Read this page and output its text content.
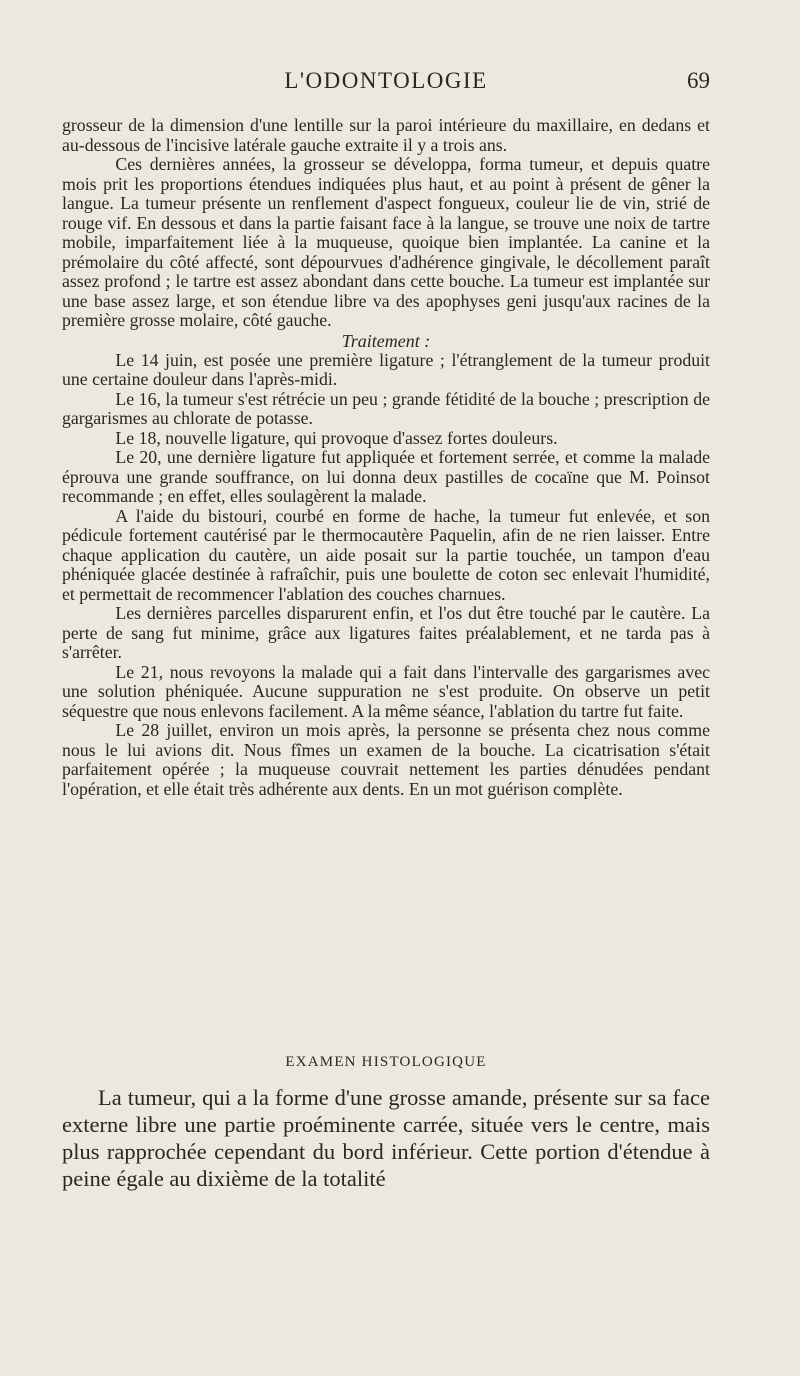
L'ODONTOLOGIE	69

grosseur de la dimension d'une lentille sur la paroi intérieure du maxillaire, en dedans et au-dessous de l'incisive latérale gauche extraite il y a trois ans.

Ces dernières années, la grosseur se développa, forma tumeur, et depuis quatre mois prit les proportions étendues indiquées plus haut, et au point à présent de gêner la langue. La tumeur présente un renflement d'aspect fongueux, couleur lie de vin, strié de rouge vif. En dessous et dans la partie faisant face à la langue, se trouve une noix de tartre mobile, imparfaitement liée à la muqueuse, quoique bien implantée. La canine et la prémolaire du côté affecté, sont dépourvues d'adhérence gingivale, le décollement paraît assez profond ; le tartre est assez abondant dans cette bouche. La tumeur est implantée sur une base assez large, et son étendue libre va des apophyses geni jusqu'aux racines de la première grosse molaire, côté gauche.

Traitement :

Le 14 juin, est posée une première ligature ; l'étranglement de la tumeur produit une certaine douleur dans l'après-midi.

Le 16, la tumeur s'est rétrécie un peu ; grande fétidité de la bouche ; prescription de gargarismes au chlorate de potasse.

Le 18, nouvelle ligature, qui provoque d'assez fortes douleurs.

Le 20, une dernière ligature fut appliquée et fortement serrée, et comme la malade éprouva une grande souffrance, on lui donna deux pastilles de cocaïne que M. Poinsot recommande ; en effet, elles soulagèrent la malade.

A l'aide du bistouri, courbé en forme de hache, la tumeur fut enlevée, et son pédicule fortement cautérisé par le thermocautère Paquelin, afin de ne rien laisser. Entre chaque application du cautère, un aide posait sur la partie touchée, un tampon d'eau phéniquée glacée destinée à rafraîchir, puis une boulette de coton sec enlevait l'humidité, et permettait de recommencer l'ablation des couches charnues.

Les dernières parcelles disparurent enfin, et l'os dut être touché par le cautère. La perte de sang fut minime, grâce aux ligatures faites préalablement, et ne tarda pas à s'arrêter.

Le 21, nous revoyons la malade qui a fait dans l'intervalle des gargarismes avec une solution phéniquée. Aucune suppuration ne s'est produite. On observe un petit séquestre que nous enlevons facilement. A la même séance, l'ablation du tartre fut faite.

Le 28 juillet, environ un mois après, la personne se présenta chez nous comme nous le lui avions dit. Nous fîmes un examen de la bouche. La cicatrisation s'était parfaitement opérée ; la muqueuse couvrait nettement les parties dénudées pendant l'opération, et elle était très adhérente aux dents. En un mot guérison complète.

EXAMEN HISTOLOGIQUE
La tumeur, qui a la forme d'une grosse amande, présente sur sa face externe libre une partie proéminente carrée, située vers le centre, mais plus rapprochée cependant du bord inférieur. Cette portion d'étendue à peine égale au dixième de la totalité
